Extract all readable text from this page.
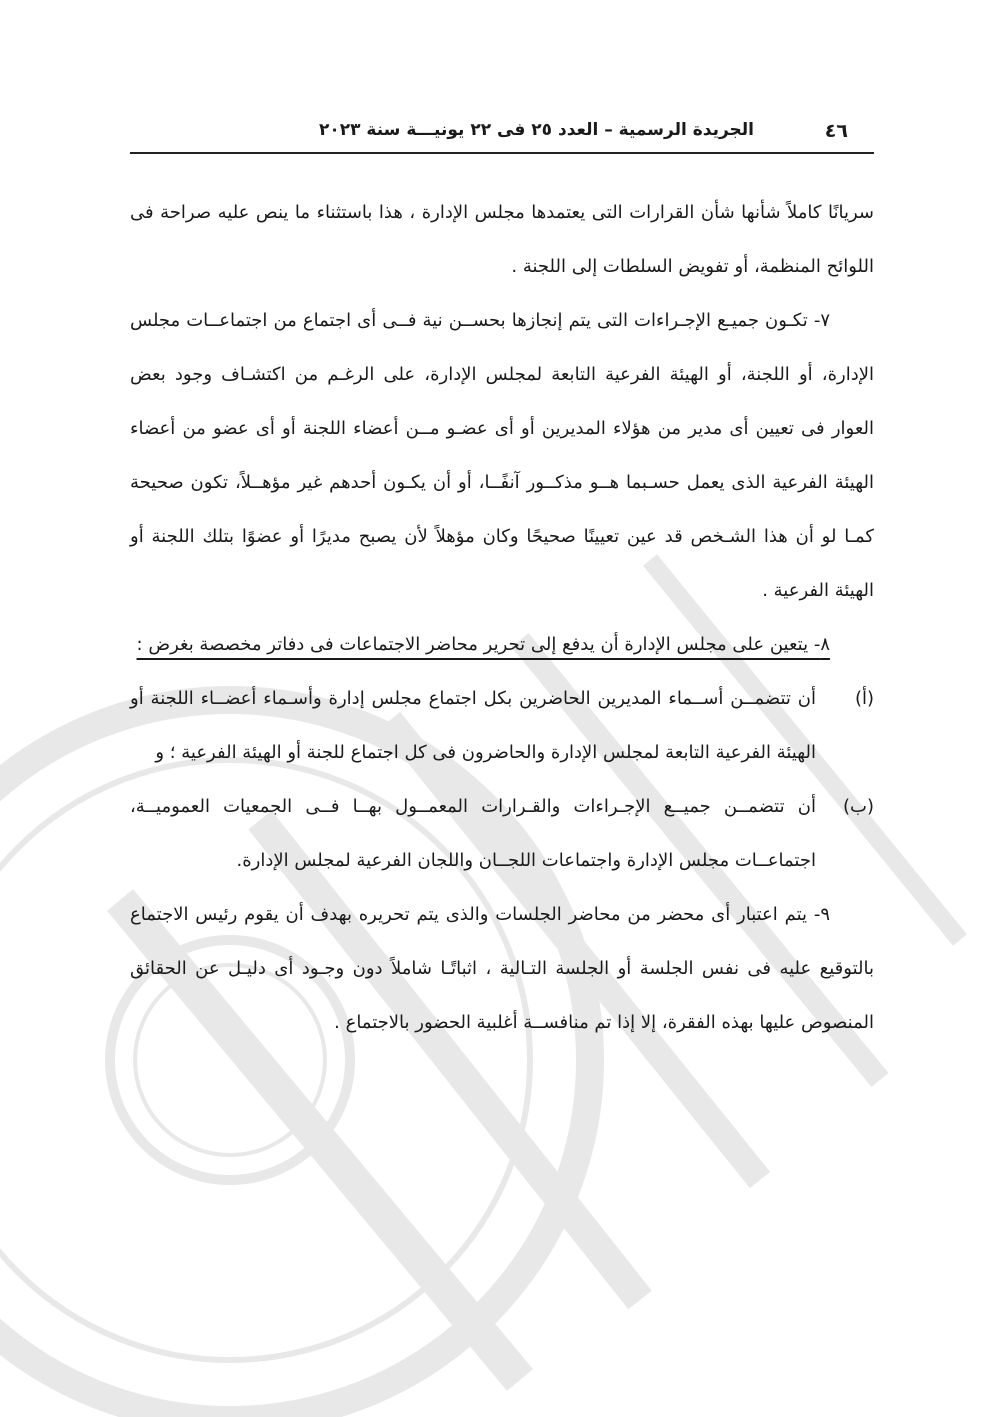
٤٦
الجريدة الرسمية – العدد ٢٥ فى ٢٢ يونيـــة سنة ٢٠٢٣

سريانًا كاملاً شأنها شأن القرارات التى يعتمدها مجلس الإدارة ، هذا باستثناء ما ينص عليه صراحة فى اللوائح المنظمة، أو تفويض السلطات إلى اللجنة .

٧- تكـون جميـع الإجـراءات التى يتم إنجازها بحســن نية فــى أى اجتماع من اجتماعــات مجلس الإدارة، أو اللجنة، أو الهيئة الفرعية التابعة لمجلس الإدارة، على الرغـم من اكتشـاف وجود بعض العوار فى تعيين أى مدير من هؤلاء المديرين أو أى عضـو مــن أعضاء اللجنة أو أى عضو من أعضاء الهيئة الفرعية الذى يعمل حسـبما هــو مذكــور آنفًــا، أو أن يكـون أحدهم غير مؤهــلاً، تكون صحيحة كمـا لو أن هذا الشـخص قد عين تعيينًا صحيحًا وكان مؤهلاً لأن يصبح مديرًا أو عضوًا بتلك اللجنة أو الهيئة الفرعية .

٨- يتعين على مجلس الإدارة أن يدفع إلى تحرير محاضر الاجتماعات فى دفاتر مخصصة بغرض :

(أ)
أن تتضمــن أســماء المديرين الحاضرين بكل اجتماع مجلس إدارة وأسـماء أعضــاء اللجنة أو الهيئة الفرعية التابعة لمجلس الإدارة والحاضرون فى كل اجتماع للجنة أو الهيئة الفرعية ؛ و
(ب)
أن تتضمــن جميــع الإجـراءات والقـرارات المعمــول بهــا فــى الجمعيات العموميــة، اجتماعــات مجلس الإدارة واجتماعات اللجــان واللجان الفرعية لمجلس الإدارة.

٩- يتم اعتبار أى محضر من محاضر الجلسات والذى يتم تحريره بهدف أن يقوم رئيس الاجتماع بالتوقيع عليه فى نفس الجلسة أو الجلسة التـالية ، اثباتًـا شاملاً دون وجـود أى دليـل عن الحقائق المنصوص عليها بهذه الفقرة، إلا إذا تم منافســة أغلبية الحضور بالاجتماع .
